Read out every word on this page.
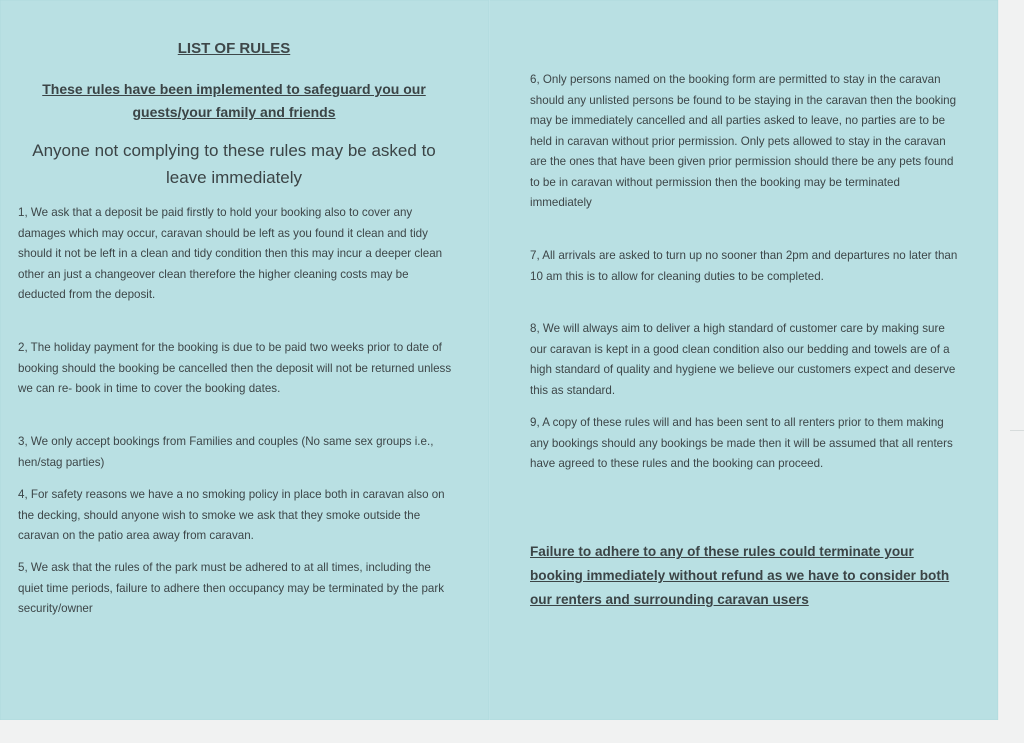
LIST OF RULES
These rules have been implemented to safeguard you our guests/your family and friends
Anyone not complying to these rules may be asked to leave immediately
1, We ask that a deposit be paid firstly to hold your booking also to cover any damages which may occur, caravan should be left as you found it clean and tidy should it not be left in a clean and tidy condition then this may incur a deeper clean other an just a changeover clean therefore the higher cleaning costs may be deducted from the deposit.
2, The holiday payment for the booking is due to be paid two weeks prior to date of booking should the booking be cancelled then the deposit will not be returned unless we can re- book in time to cover the booking dates.
3, We only accept bookings from Families and couples (No same sex groups i.e., hen/stag parties)
4, For safety reasons we have a no smoking policy in place both in caravan also on the decking, should anyone wish to smoke we ask that they smoke outside the caravan on the patio area away from caravan.
5, We ask that the rules of the park must be adhered to at all times, including the quiet time periods, failure to adhere then occupancy may be terminated by the park security/owner
6, Only persons named on the booking form are permitted to stay in the caravan should any unlisted persons be found to be staying in the caravan then the booking may be immediately cancelled and all parties asked to leave, no parties are to be held in caravan without prior permission. Only pets allowed to stay in the caravan are the ones that have been given prior permission should there be any pets found to be in caravan without permission then the booking may be terminated immediately
7, All arrivals are asked to turn up no sooner than 2pm and departures no later than 10 am this is to allow for cleaning duties to be completed.
8, We will always aim to deliver a high standard of customer care by making sure our caravan is kept in a good clean condition also our bedding and towels are of a high standard of quality and hygiene we believe our customers expect and deserve this as standard.
9, A copy of these rules will and has been sent to all renters prior to them making any bookings should any bookings be made then it will be assumed that all renters have agreed to these rules and the booking can proceed.
Failure to adhere to any of these rules could terminate your booking immediately without refund as we have to consider both our renters and surrounding caravan users
